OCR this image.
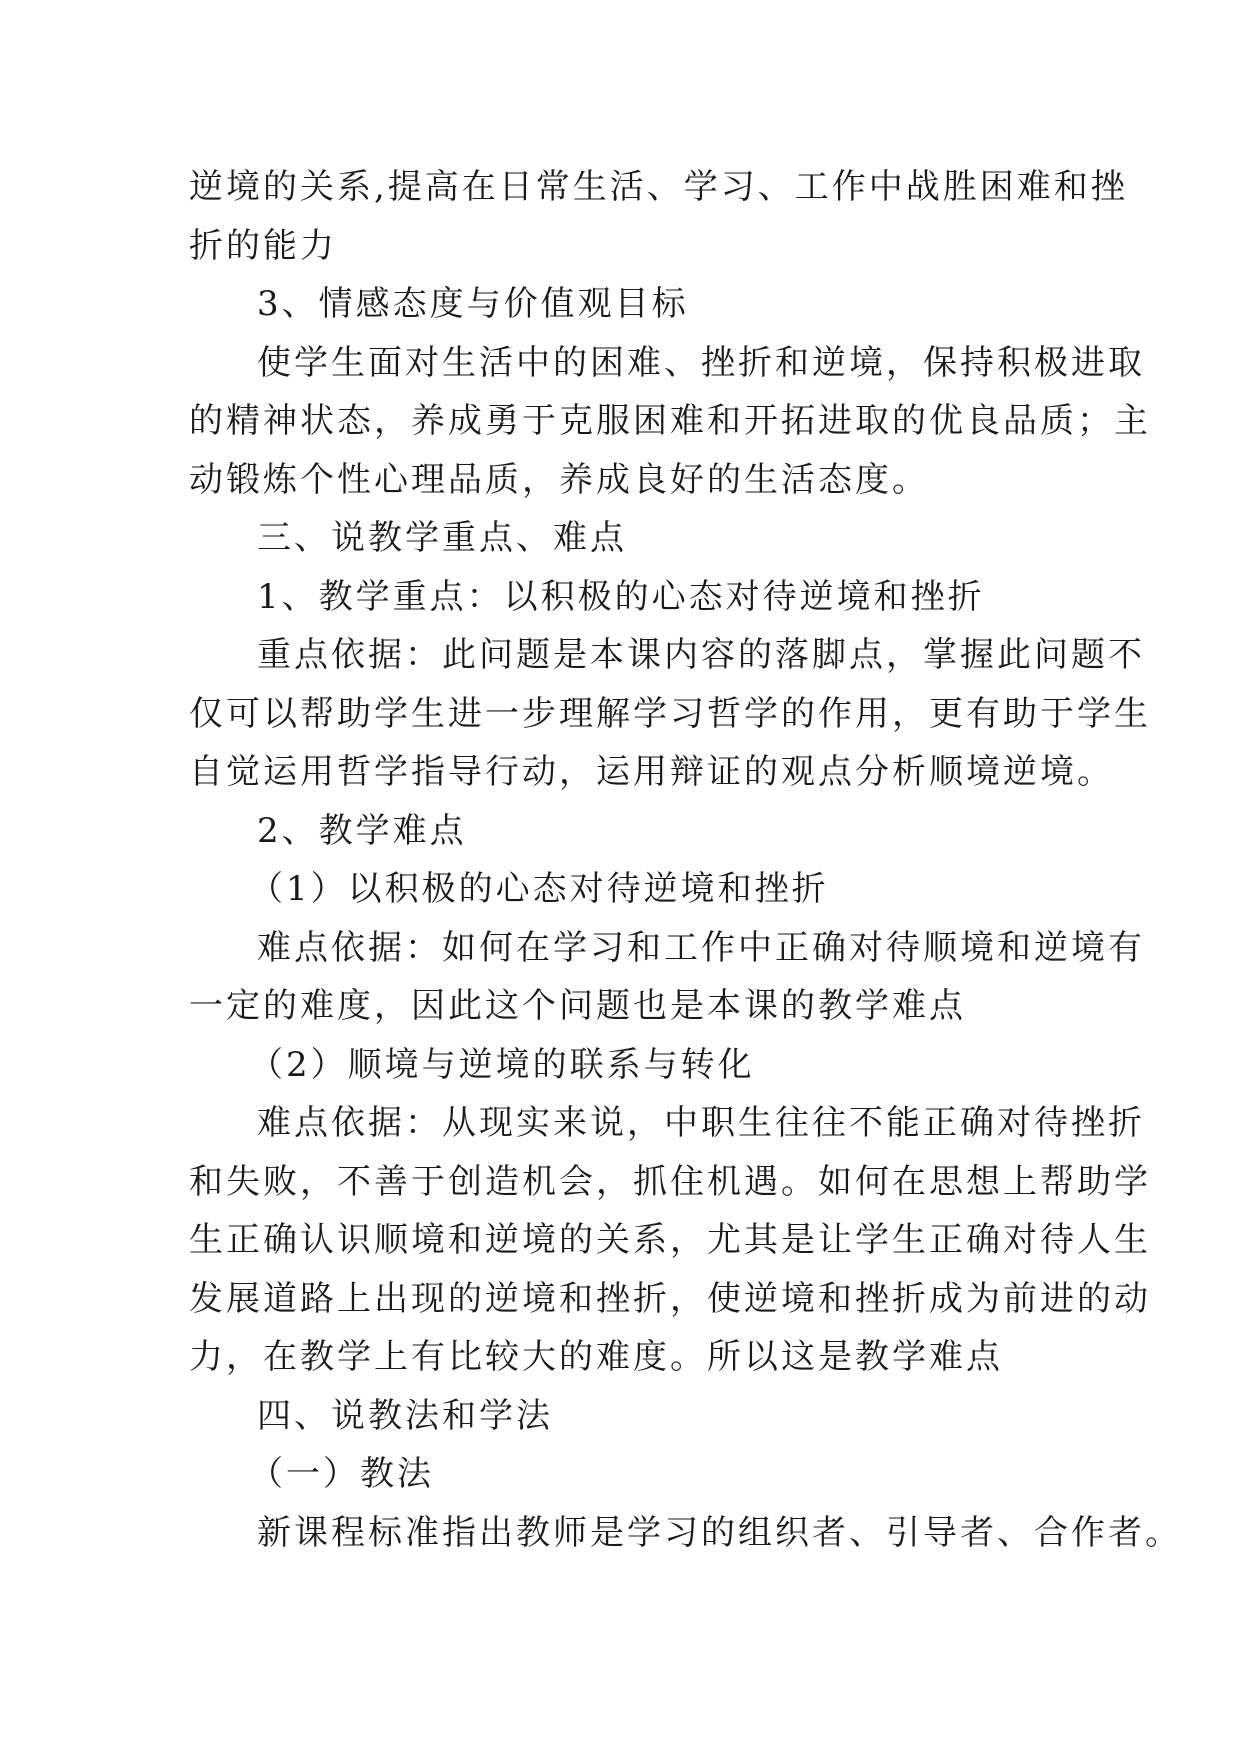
逆境的关系,提高在日常生活、学习、工作中战胜困难和挫
折的能力
3、情感态度与价值观目标
使学生面对生活中的困难、挫折和逆境，保持积极进取
的精神状态，养成勇于克服困难和开拓进取的优良品质；主
动锻炼个性心理品质，养成良好的生活态度。
三、说教学重点、难点
1、教学重点：以积极的心态对待逆境和挫折
重点依据：此问题是本课内容的落脚点，掌握此问题不
仅可以帮助学生进一步理解学习哲学的作用，更有助于学生
自觉运用哲学指导行动，运用辩证的观点分析顺境逆境。
2、教学难点
（1）以积极的心态对待逆境和挫折
难点依据：如何在学习和工作中正确对待顺境和逆境有
一定的难度，因此这个问题也是本课的教学难点
（2）顺境与逆境的联系与转化
难点依据：从现实来说，中职生往往不能正确对待挫折
和失败，不善于创造机会，抓住机遇。如何在思想上帮助学
生正确认识顺境和逆境的关系，尤其是让学生正确对待人生
发展道路上出现的逆境和挫折，使逆境和挫折成为前进的动
力，在教学上有比较大的难度。所以这是教学难点
四、说教法和学法
（一）教法
新课程标准指出教师是学习的组织者、引导者、合作者。
